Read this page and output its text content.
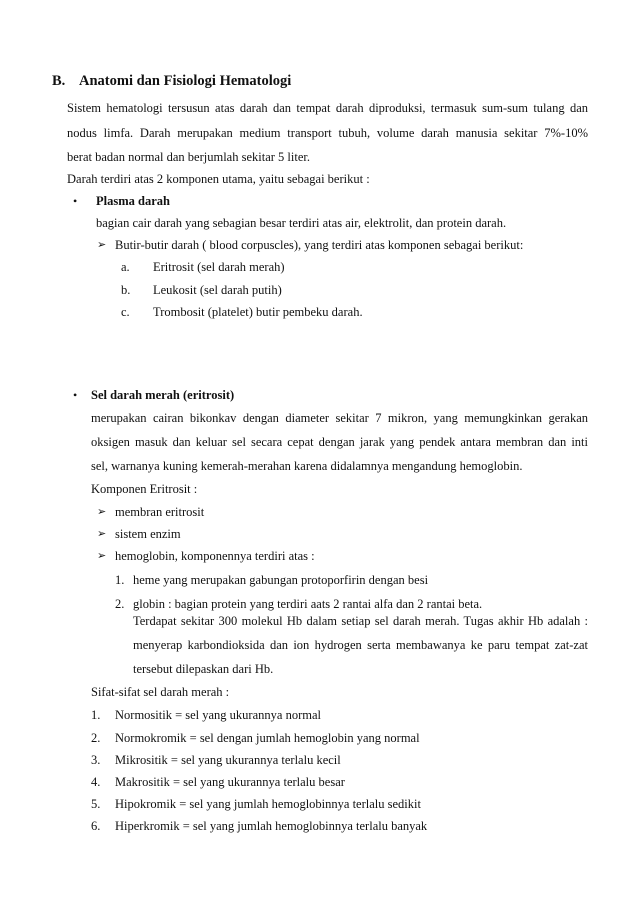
B. Anatomi dan Fisiologi Hematologi
Sistem hematologi tersusun atas darah dan tempat darah diproduksi, termasuk sum-sum tulang dan
nodus limfa. Darah merupakan medium transport tubuh, volume darah manusia sekitar 7%-10%
berat badan normal dan berjumlah sekitar 5 liter.
Darah terdiri atas 2 komponen utama, yaitu sebagai berikut :
• Plasma darah
bagian cair darah yang sebagian besar terdiri atas air, elektrolit, dan protein darah.
➢ Butir-butir darah ( blood corpuscles), yang terdiri atas komponen sebagai berikut:
a. Eritrosit (sel darah merah)
b. Leukosit (sel darah putih)
c. Trombosit (platelet) butir pembeku darah.
• Sel darah merah (eritrosit)
merupakan cairan bikonkav dengan diameter sekitar 7 mikron, yang memungkinkan gerakan
oksigen masuk dan keluar sel secara cepat dengan jarak yang pendek antara membran dan inti
sel, warnanya kuning kemerah-merahan karena didalamnya mengandung hemoglobin.
Komponen Eritrosit :
➢ membran eritrosit
➢ sistem enzim
➢ hemoglobin, komponennya terdiri atas :
1. heme yang merupakan gabungan protoporfirin dengan besi
2. globin : bagian protein yang terdiri aats 2 rantai alfa dan 2 rantai beta.
Terdapat sekitar 300 molekul Hb dalam setiap sel darah merah. Tugas akhir Hb adalah :
menyerap karbondioksida dan ion hydrogen serta membawanya ke paru tempat zat-zat
tersebut dilepaskan dari Hb.
Sifat-sifat sel darah merah :
1. Normositik = sel yang ukurannya normal
2. Normokromik = sel dengan jumlah hemoglobin yang normal
3. Mikrositik = sel yang ukurannya terlalu kecil
4. Makrositik = sel yang ukurannya terlalu besar
5. Hipokromik = sel yang jumlah hemoglobinnya terlalu sedikit
6. Hiperkromik = sel yang jumlah hemoglobinnya terlalu banyak
